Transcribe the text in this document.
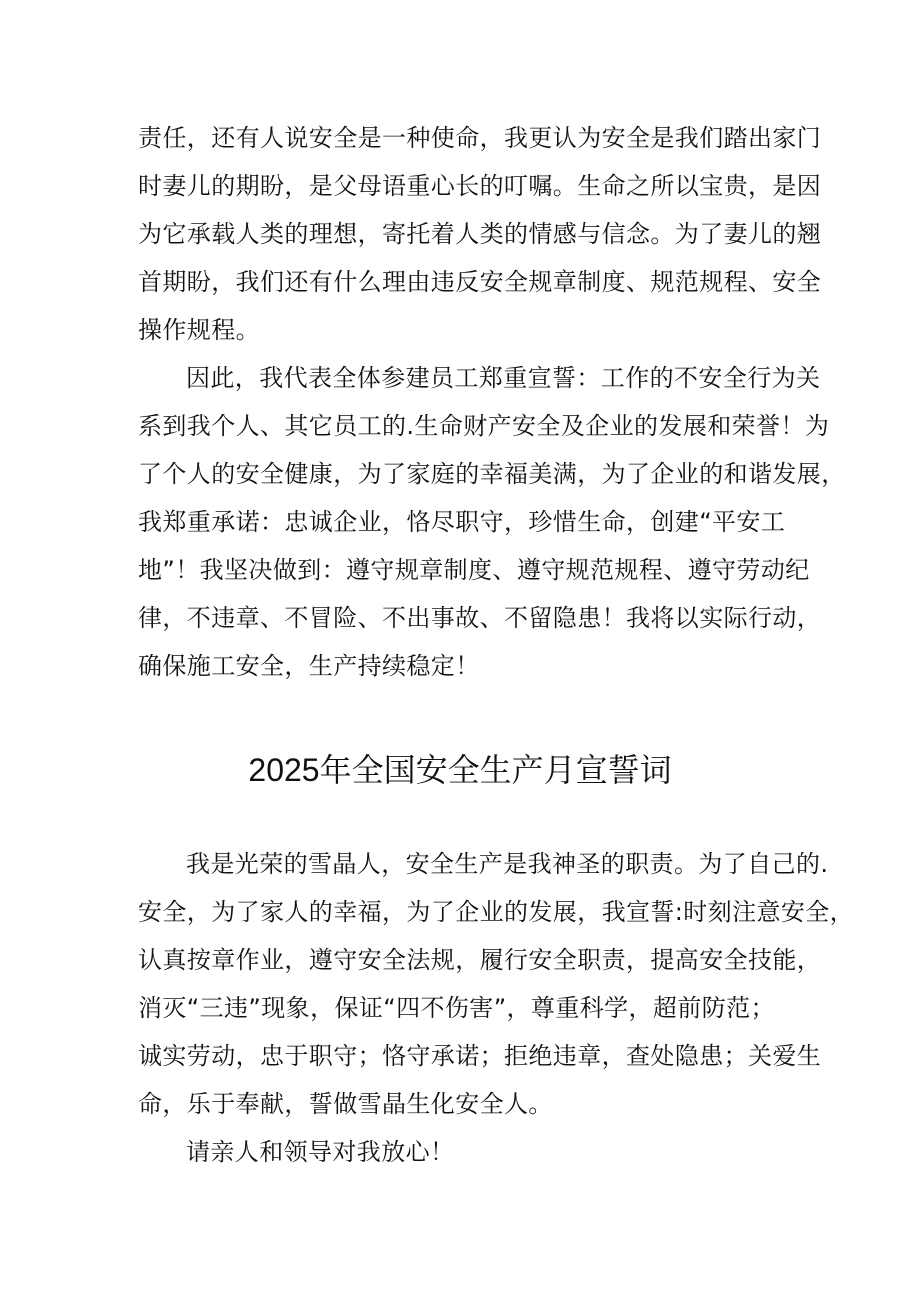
责任，还有人说安全是一种使命，我更认为安全是我们踏出家门
时妻儿的期盼，是父母语重心长的叮嘱。生命之所以宝贵，是因
为它承载人类的理想，寄托着人类的情感与信念。为了妻儿的翘
首期盼，我们还有什么理由违反安全规章制度、规范规程、安全
操作规程。
因此，我代表全体参建员工郑重宣誓：工作的不安全行为关
系到我个人、其它员工的.生命财产安全及企业的发展和荣誉！为
了个人的安全健康，为了家庭的幸福美满，为了企业的和谐发展，
我郑重承诺：忠诚企业，恪尽职守，珍惜生命，创建“平安工
地”！我坚决做到：遵守规章制度、遵守规范规程、遵守劳动纪
律，不违章、不冒险、不出事故、不留隐患！我将以实际行动，
确保施工安全，生产持续稳定！
2025年全国安全生产月宣誓词
我是光荣的雪晶人，安全生产是我神圣的职责。为了自己的.
安全，为了家人的幸福，为了企业的发展，我宣誓:时刻注意安全，
认真按章作业，遵守安全法规，履行安全职责，提高安全技能，
消灭“三违”现象，保证“四不伤害”，尊重科学，超前防范；
诚实劳动，忠于职守；恪守承诺；拒绝违章，查处隐患；关爱生
命，乐于奉献，誓做雪晶生化安全人。
请亲人和领导对我放心！
